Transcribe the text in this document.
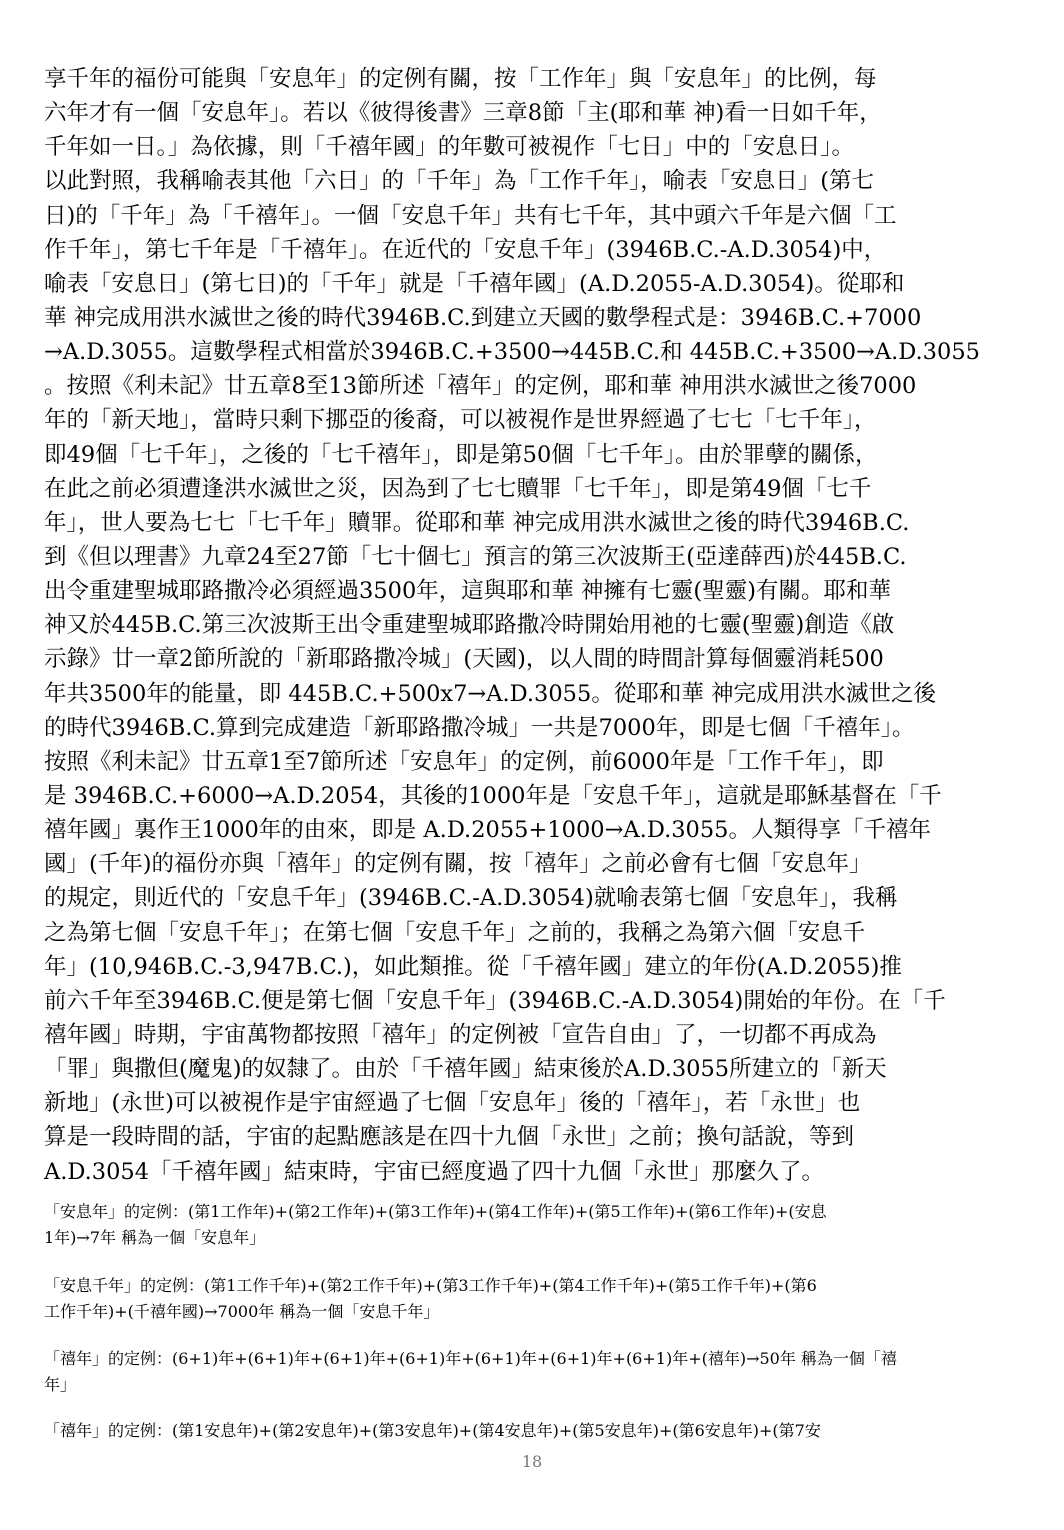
享千年的福份可能與「安息年」的定例有關，按「工作年」與「安息年」的比例，每
六年才有一個「安息年」。若以《彼得後書》三章8節「主(耶和華 神)看一日如千年，
千年如一日。」為依據，則「千禧年國」的年數可被視作「七日」中的「安息日」。
以此對照，我稱喻表其他「六日」的「千年」為「工作千年」，喻表「安息日」(第七
日)的「千年」為「千禧年」。一個「安息千年」共有七千年，其中頭六千年是六個「工
作千年」，第七千年是「千禧年」。在近代的「安息千年」(3946B.C.-A.D.3054)中，
喻表「安息日」(第七日)的「千年」就是「千禧年國」(A.D.2055-A.D.3054)。從耶和
華 神完成用洪水滅世之後的時代3946B.C.到建立天國的數學程式是：3946B.C.+7000
→A.D.3055。這數學程式相當於3946B.C.+3500→445B.C.和 445B.C.+3500→A.D.3055
。按照《利未記》廿五章8至13節所述「禧年」的定例，耶和華 神用洪水滅世之後7000
年的「新天地」，當時只剩下挪亞的後裔，可以被視作是世界經過了七七「七千年」，
即49個「七千年」，之後的「七千禧年」，即是第50個「七千年」。由於罪孽的關係，
在此之前必須遭逢洪水滅世之災，因為到了七七贖罪「七千年」，即是第49個「七千
年」，世人要為七七「七千年」贖罪。從耶和華 神完成用洪水滅世之後的時代3946B.C.
到《但以理書》九章24至27節「七十個七」預言的第三次波斯王(亞達薛西)於445B.C.
出令重建聖城耶路撒冷必須經過3500年，這與耶和華 神擁有七靈(聖靈)有關。耶和華
神又於445B.C.第三次波斯王出令重建聖城耶路撒冷時開始用祂的七靈(聖靈)創造《啟
示錄》廿一章2節所說的「新耶路撒冷城」(天國)，以人間的時間計算每個靈消耗500
年共3500年的能量，即 445B.C.+500x7→A.D.3055。從耶和華 神完成用洪水滅世之後
的時代3946B.C.算到完成建造「新耶路撒冷城」一共是7000年，即是七個「千禧年」。
按照《利未記》廿五章1至7節所述「安息年」的定例，前6000年是「工作千年」，即
是 3946B.C.+6000→A.D.2054，其後的1000年是「安息千年」，這就是耶穌基督在「千
禧年國」裏作王1000年的由來，即是 A.D.2055+1000→A.D.3055。人類得享「千禧年
國」(千年)的福份亦與「禧年」的定例有關，按「禧年」之前必會有七個「安息年」
的規定，則近代的「安息千年」(3946B.C.-A.D.3054)就喻表第七個「安息年」，我稱
之為第七個「安息千年」；在第七個「安息千年」之前的，我稱之為第六個「安息千
年」(10,946B.C.-3,947B.C.)，如此類推。從「千禧年國」建立的年份(A.D.2055)推
前六千年至3946B.C.便是第七個「安息千年」(3946B.C.-A.D.3054)開始的年份。在「千
禧年國」時期，宇宙萬物都按照「禧年」的定例被「宣告自由」了，一切都不再成為
「罪」與撒但(魔鬼)的奴隸了。由於「千禧年國」結束後於A.D.3055所建立的「新天
新地」(永世)可以被視作是宇宙經過了七個「安息年」後的「禧年」，若「永世」也
算是一段時間的話，宇宙的起點應該是在四十九個「永世」之前；換句話說，等到
A.D.3054「千禧年國」結束時，宇宙已經度過了四十九個「永世」那麼久了。
「安息年」的定例：(第1工作年)+(第2工作年)+(第3工作年)+(第4工作年)+(第5工作年)+(第6工作年)+(安息
1年)→7年 稱為一個「安息年」
「安息千年」的定例：(第1工作千年)+(第2工作千年)+(第3工作千年)+(第4工作千年)+(第5工作千年)+(第6
工作千年)+(千禧年國)→7000年 稱為一個「安息千年」
「禧年」的定例：(6+1)年+(6+1)年+(6+1)年+(6+1)年+(6+1)年+(6+1)年+(6+1)年+(禧年)→50年 稱為一個「禧
年」
「禧年」的定例：(第1安息年)+(第2安息年)+(第3安息年)+(第4安息年)+(第5安息年)+(第6安息年)+(第7安
18
